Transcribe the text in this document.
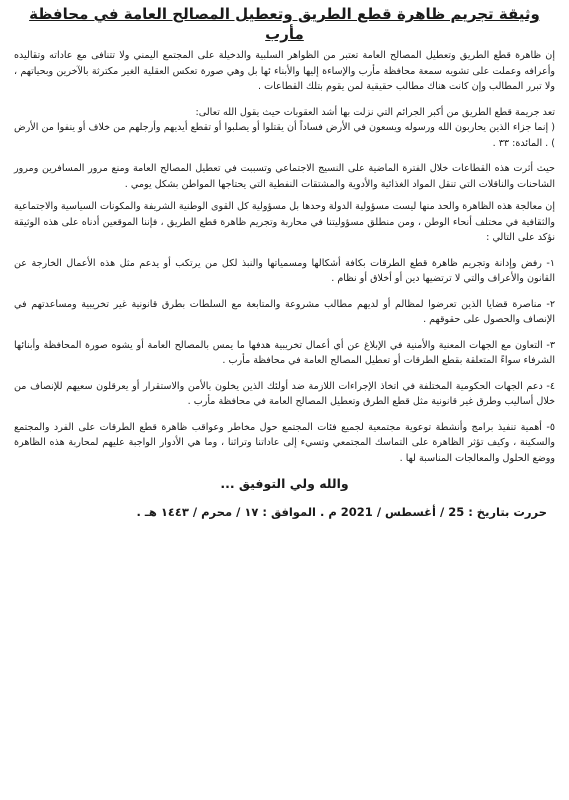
وثيقة تجريم ظاهرة قطع الطريق وتعطيل المصالح العامة في محافظة مأرب

إن ظاهرة قطع الطريق وتعطيل المصالح العامة تعتبر من الظواهر السلبية والدخيلة على المجتمع اليمني ولا تتنافى مع عاداته وتقاليده وأعرافه وعملت على تشويه سمعة محافظة مأرب والإساءة إليها والأبناء ئها بل وهي صورة تعكس العقلية الغير مكترثة بالآخرين وبحياتهم ، ولا تبرر المطالب وإن كانت هناك مطالب حقيقية لمن يقوم بتلك القطاعات .

تعد جريمة قطع الطريق من أكبر الجرائم التي نزلت بها أشد العقوبات حيث يقول الله تعالى:

( إنما جزاء الذين يحاربون الله ورسوله ويسعون في الأرض فساداً أن يقتلوا أو يصلبوا أو تقطع أيديهم وأرجلهم من خلاف أو ينفوا من الأرض ) . المائدة: ٣٣ .

حيث أثرت هذه القطاعات خلال الفترة الماضية على النسيج الاجتماعي وتسببت في تعطيل المصالح العامة ومنع مرور المسافرين ومرور الشاحنات والناقلات التي تنقل المواد الغذائية والأدوية والمشتقات النفطية التي يحتاجها المواطن بشكل يومي .

إن معالجة هذه الظاهرة والحد منها ليست مسؤولية الدولة وحدها بل مسؤولية كل القوى الوطنية الشريفة والمكونات السياسية والاجتماعية والثقافية في مختلف أنحاء الوطن ، ومن منطلق مسؤوليتنا في محاربة وتجريم ظاهرة قطع الطريق ، فإننا الموقعين أدناه على هذه الوثيقة نؤكد على التالي :

١- رفض وإدانة وتجريم ظاهرة قطع الطرقات بكافة أشكالها ومسمياتها والنبذ لكل من يرتكب أو يدعم مثل هذه الأعمال الخارجة عن القانون والأعراف والتي لا ترتضيها دين أو أخلاق أو نظام .

٢- مناصرة قضايا الذين تعرضوا لمظالم أو لديهم مطالب مشروعة والمتابعة مع السلطات بطرق قانونية غير تخريبية ومساعدتهم في الإنصاف والحصول على حقوقهم .

٣- التعاون مع الجهات المعنية والأمنية في الإبلاغ عن أي أعمال تخريبية هدفها ما يمس بالمصالح العامة أو يشوه صورة المحافظة وأبنائها الشرفاء سواءً المتعلقة بقطع الطرقات أو تعطيل المصالح العامة في محافظة مأرب .

٤- دعم الجهات الحكومية المختلفة في اتخاذ الإجراءات اللازمة ضد أولئك الذين يخلون بالأمن والاستقرار أو يعرقلون سعيهم للإنصاف من خلال أساليب وطرق غير قانونية مثل قطع الطرق وتعطيل المصالح العامة في محافظة مأرب .

٥- أهمية تنفيذ برامج وأنشطة توعوية مجتمعية لجميع فئات المجتمع حول مخاطر وعواقب ظاهرة قطع الطرقات على الفرد والمجتمع والسكينة ، وكيف تؤثر الظاهرة على التماسك المجتمعي وتسيء إلى عاداتنا وتراثنا ، وما هي الأدوار الواجبة عليهم لمحاربة هذه الظاهرة ووضع الحلول والمعالجات المناسبة لها .

والله ولي التوفيق ...

حررت بتاريخ : 25 / أغسطس / 2021 م . الموافق : ١٧ / محرم / ١٤٤٣ هـ .
